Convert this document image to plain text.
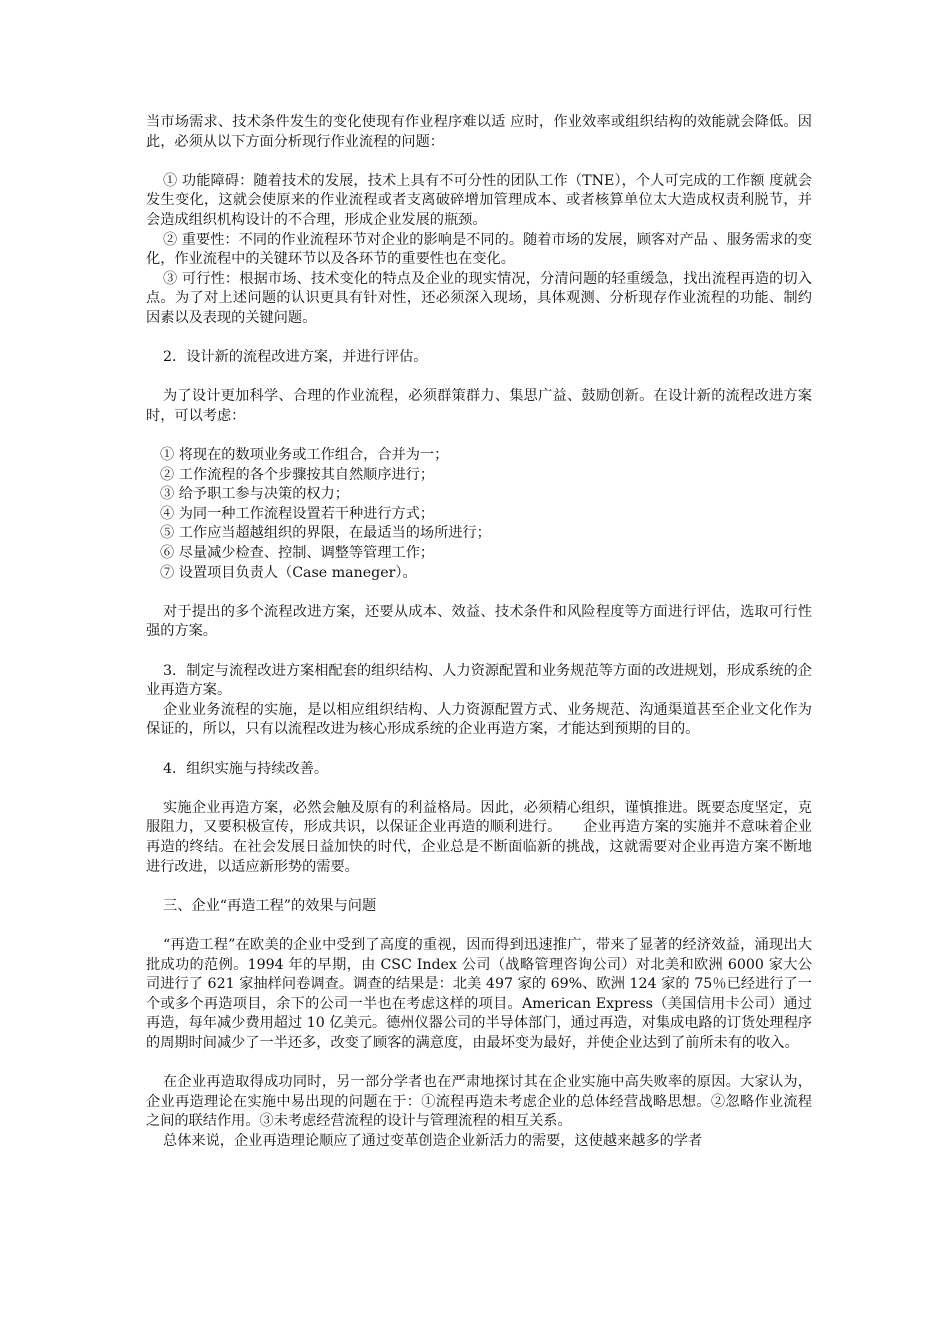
当市场需求、技术条件发生的变化使现有作业程序难以适 应时，作业效率或组织结构的效能就会降低。因此，必须从以下方面分析现行作业流程的问题：

① 功能障碍：随着技术的发展，技术上具有不可分性的团队工作（TNE），个人可完成的工作额 度就会发生变化，这就会使原来的作业流程或者支离破碎增加管理成本、或者核算单位太大造成权责利脱节，并会造成组织机构设计的不合理，形成企业发展的瓶颈。

② 重要性：不同的作业流程环节对企业的影响是不同的。随着市场的发展，顾客对产品 、服务需求的变化，作业流程中的关键环节以及各环节的重要性也在变化。

③ 可行性：根据市场、技术变化的特点及企业的现实情况，分清问题的轻重缓急，找出流程再造的切入点。为了对上述问题的认识更具有针对性，还必须深入现场，具体观测、分析现存作业流程的功能、制约因素以及表现的关键问题。

2．设计新的流程改进方案，并进行评估。

为了设计更加科学、合理的作业流程，必须群策群力、集思广益、鼓励创新。在设计新的流程改进方案时，可以考虑：

① 将现在的数项业务或工作组合，合并为一；

② 工作流程的各个步骤按其自然顺序进行；

③ 给予职工参与决策的权力；

④ 为同一种工作流程设置若干种进行方式；

⑤ 工作应当超越组织的界限，在最适当的场所进行；

⑥ 尽量减少检查、控制、调整等管理工作；

⑦ 设置项目负责人（Case maneger）。

对于提出的多个流程改进方案，还要从成本、效益、技术条件和风险程度等方面进行评估，选取可行性强的方案。

3．制定与流程改进方案相配套的组织结构、人力资源配置和业务规范等方面的改进规划，形成系统的企业再造方案。

企业业务流程的实施，是以相应组织结构、人力资源配置方式、业务规范、沟通渠道甚至企业文化作为保证的，所以，只有以流程改进为核心形成系统的企业再造方案，才能达到预期的目的。

4．组织实施与持续改善。

实施企业再造方案，必然会触及原有的利益格局。因此，必须精心组织，谨慎推进。既要态度坚定，克服阻力，又要积极宣传，形成共识，以保证企业再造的顺利进行。　　企业再造方案的实施并不意味着企业再造的终结。在社会发展日益加快的时代，企业总是不断面临新的挑战，这就需要对企业再造方案不断地进行改进，以适应新形势的需要。

三、企业“再造工程”的效果与问题

“再造工程”在欧美的企业中受到了高度的重视，因而得到迅速推广，带来了显著的经济效益，涌现出大批成功的范例。1994 年的早期，由 CSC Index 公司（战略管理咨询公司）对北美和欧洲 6000 家大公司进行了 621 家抽样问卷调查。调查的结果是：北美 497 家的 69%、欧洲 124 家的 75％已经进行了一个或多个再造项目，余下的公司一半也在考虑这样的项目。American Express（美国信用卡公司）通过再造，每年减少费用超过 10 亿美元。德州仪器公司的半导体部门，通过再造，对集成电路的订货处理程序的周期时间减少了一半还多，改变了顾客的满意度，由最坏变为最好，并使企业达到了前所未有的收入。

在企业再造取得成功同时，另一部分学者也在严肃地探讨其在企业实施中高失败率的原因。大家认为，企业再造理论在实施中易出现的问题在于：①流程再造未考虑企业的总体经营战略思想。②忽略作业流程之间的联结作用。③未考虑经营流程的设计与管理流程的相互关系。

总体来说，企业再造理论顺应了通过变革创造企业新活力的需要，这使越来越多的学者
